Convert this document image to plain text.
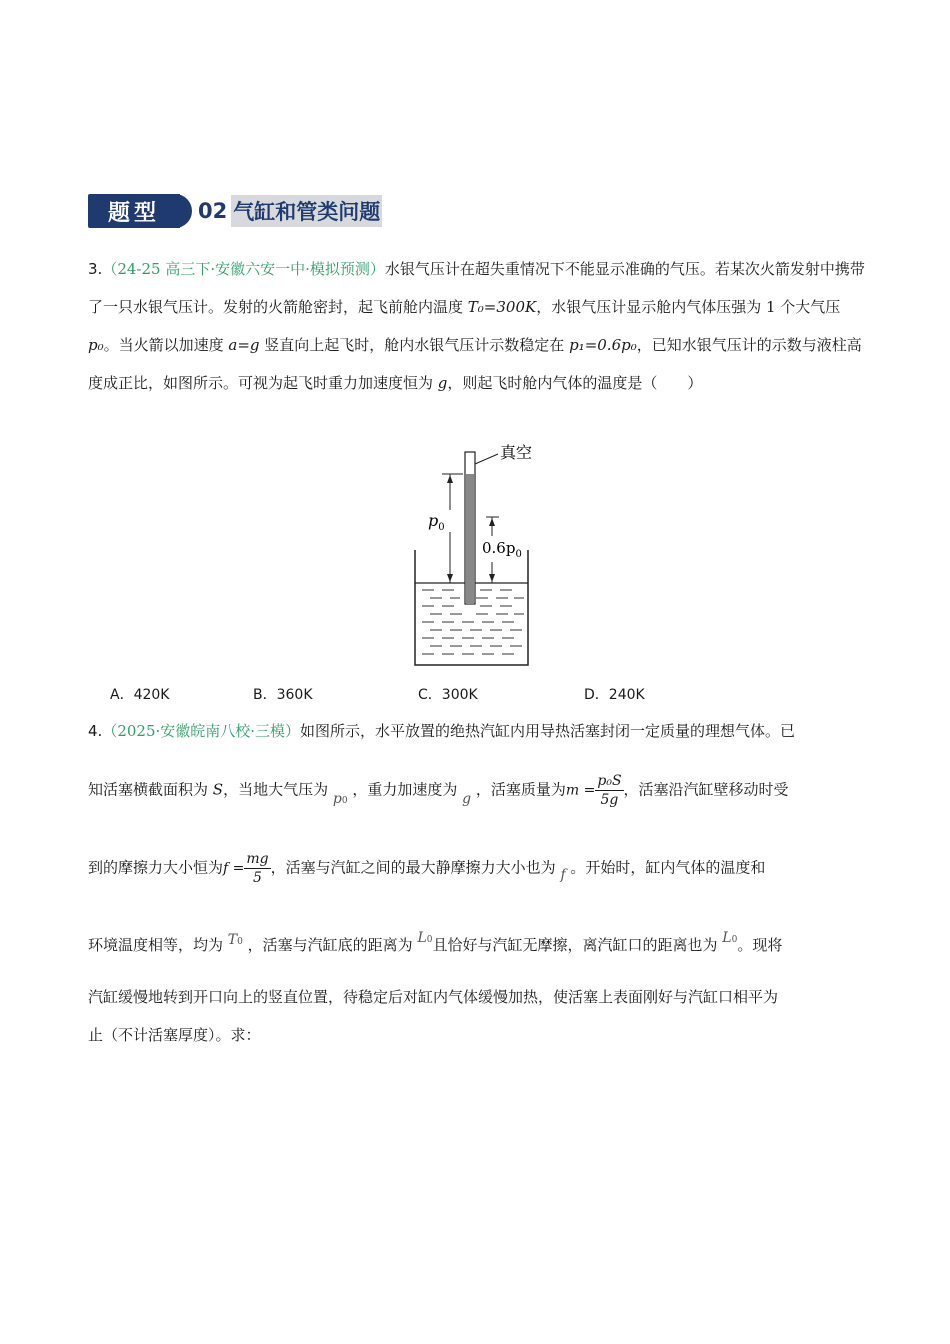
题型	02 气缸和管类问题
3.（24-25 高三下·安徽六安一中·模拟预测）水银气压计在超失重情况下不能显示准确的气压。若某次火箭发射中携带了一只水银气压计。发射的火箭舱密封，起飞前舱内温度 T₀=300K，水银气压计显示舱内气体压强为 1 个大气压 p₀。当火箭以加速度 a=g 竖直向上起飞时，舱内水银气压计示数稳定在 p₁=0.6p₀，已知水银气压计的示数与液柱高度成正比，如图所示。可视为起飞时重力加速度恒为 g，则起飞时舱内气体的温度是（　　）
真空
$p_0$
$0.6p_0$
A．420K	B．360K	C．300K	D．240K
4.（2025·安徽皖南八校·三模）如图所示，水平放置的绝热汽缸内用导热活塞封闭一定质量的理想气体。已
知活塞横截面积为 S，当地大气压为 p0 ，重力加速度为 g ，活塞质量为$m = \frac{\text{p₀S}}{5g}$ ，活塞沿汽缸壁移动时受
到的摩擦力大小恒为$f = \frac{mg}{5}$ ，活塞与汽缸之间的最大静摩擦力大小也为 f 。开始时，缸内气体的温度和
环境温度相等，均为 T0 ，活塞与汽缸底的距离为 L0且恰好与汽缸无摩擦，离汽缸口的距离也为 L0。现将
汽缸缓慢地转到开口向上的竖直位置，待稳定后对缸内气体缓慢加热，使活塞上表面刚好与汽缸口相平为
止（不计活塞厚度）。求：
